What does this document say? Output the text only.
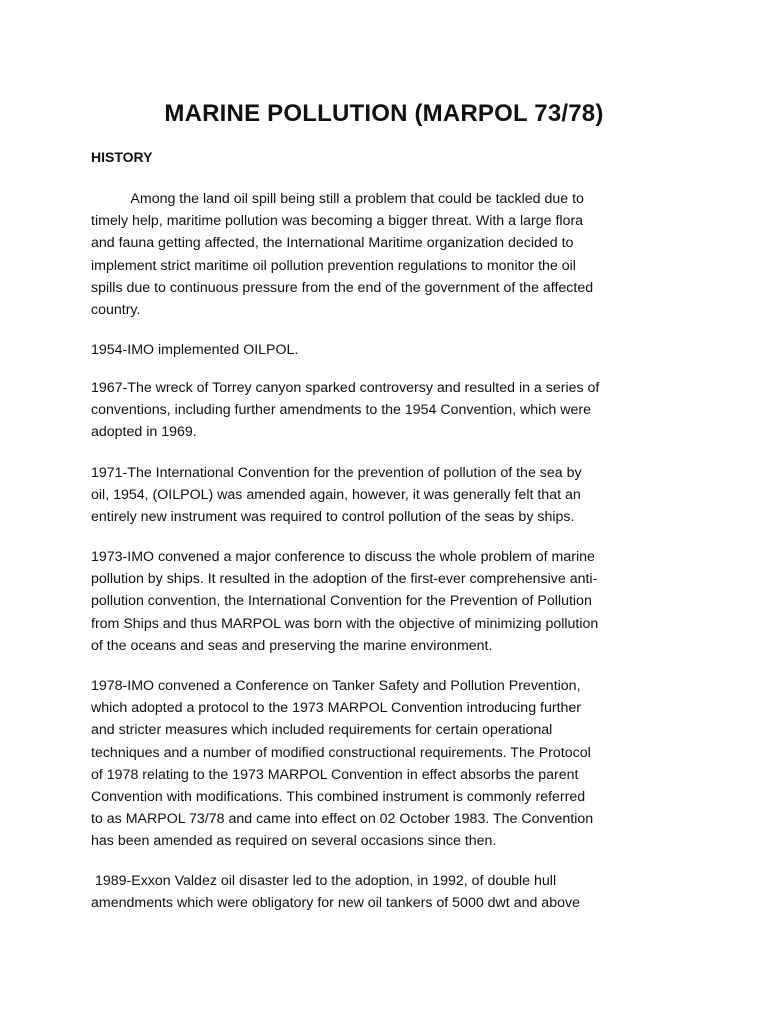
MARINE POLLUTION (MARPOL 73/78)
HISTORY

Among the land oil spill being still a problem that could be tackled due to
timely help, maritime pollution was becoming a bigger threat. With a large flora
and fauna getting affected, the International Maritime organization decided to
implement strict maritime oil pollution prevention regulations to monitor the oil
spills due to continuous pressure from the end of the government of the affected
country.

1954-IMO implemented OILPOL.

1967-The wreck of Torrey canyon sparked controversy and resulted in a series of
conventions, including further amendments to the 1954 Convention, which were
adopted in 1969.

1971-The International Convention for the prevention of pollution of the sea by
oil, 1954, (OILPOL) was amended again, however, it was generally felt that an
entirely new instrument was required to control pollution of the seas by ships.

1973-IMO convened a major conference to discuss the whole problem of marine
pollution by ships. It resulted in the adoption of the first-ever comprehensive anti-
pollution convention, the International Convention for the Prevention of Pollution
from Ships and thus MARPOL was born with the objective of minimizing pollution
of the oceans and seas and preserving the marine environment.

1978-IMO convened a Conference on Tanker Safety and Pollution Prevention,
which adopted a protocol to the 1973 MARPOL Convention introducing further
and stricter measures which included requirements for certain operational
techniques and a number of modified constructional requirements. The Protocol
of 1978 relating to the 1973 MARPOL Convention in effect absorbs the parent
Convention with modifications. This combined instrument is commonly referred
to as MARPOL 73/78 and came into effect on 02 October 1983. The Convention
has been amended as required on several occasions since then.

1989-Exxon Valdez oil disaster led to the adoption, in 1992, of double hull
amendments which were obligatory for new oil tankers of 5000 dwt and above
